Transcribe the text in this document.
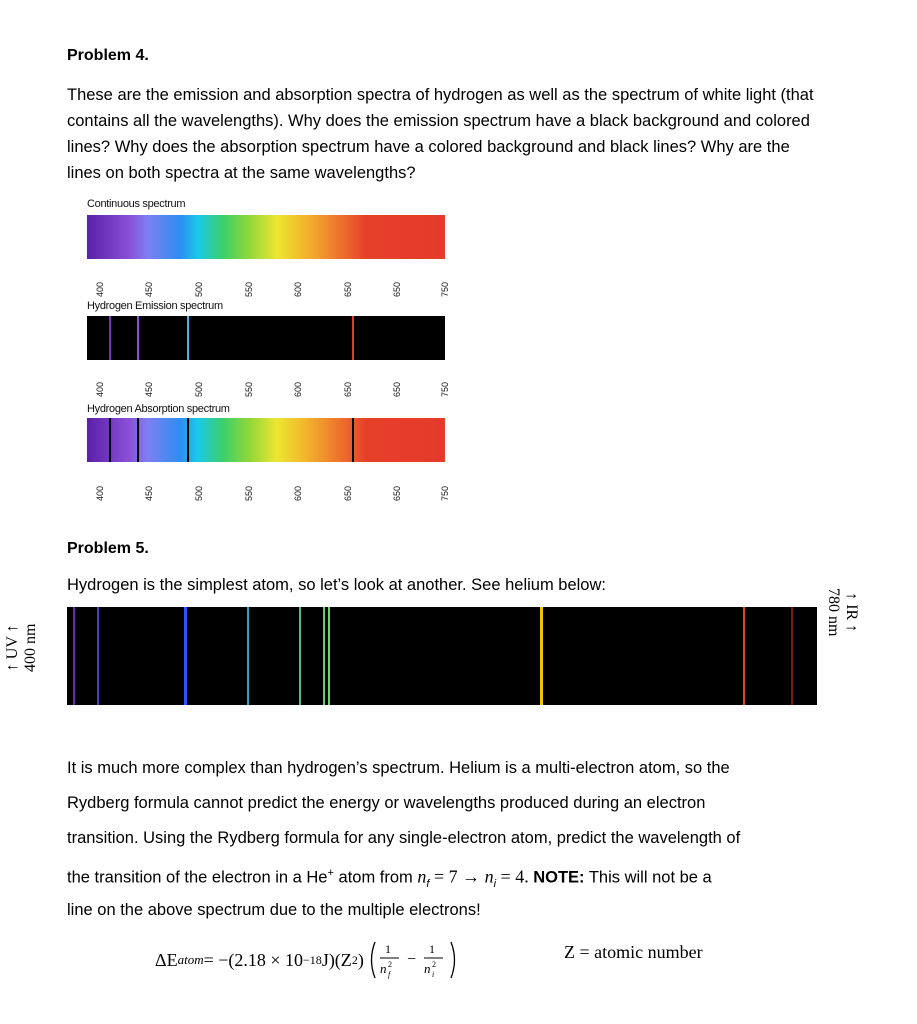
Problem 4.
These are the emission and absorption spectra of hydrogen as well as the spectrum of white light (that contains all the wavelengths). Why does the emission spectrum have a black background and colored lines? Why does the absorption spectrum have a colored background and black lines? Why are the lines on both spectra at the same wavelengths?
Continuous spectrum
400	450	500	550	600	650	650	750
Hydrogen Emission spectrum
400	450	500	550	600	650	650	750
Hydrogen Absorption spectrum
400	450	500	550	600	650	650	750
Problem 5.
Hydrogen is the simplest atom, so let’s look at another. See helium below:
↑ UV ↑ 400 nm
↑ IR ↑
780 nm
It is much more complex than hydrogen’s spectrum. Helium is a multi-electron atom, so the
Rydberg formula cannot predict the energy or wavelengths produced during an electron
transition. Using the Rydberg formula for any single-electron atom, predict the wavelength of
the transition of the electron in a He+ atom from $n_f = 7 \to n_i = 4$. NOTE: This will not be a
line on the above spectrum due to the multiple electrons!
ΔE atom = −(2.18 × 10 −18 J)(Z 2 )
1
n 2
f
−
1
n 2
i
Z = atomic number
